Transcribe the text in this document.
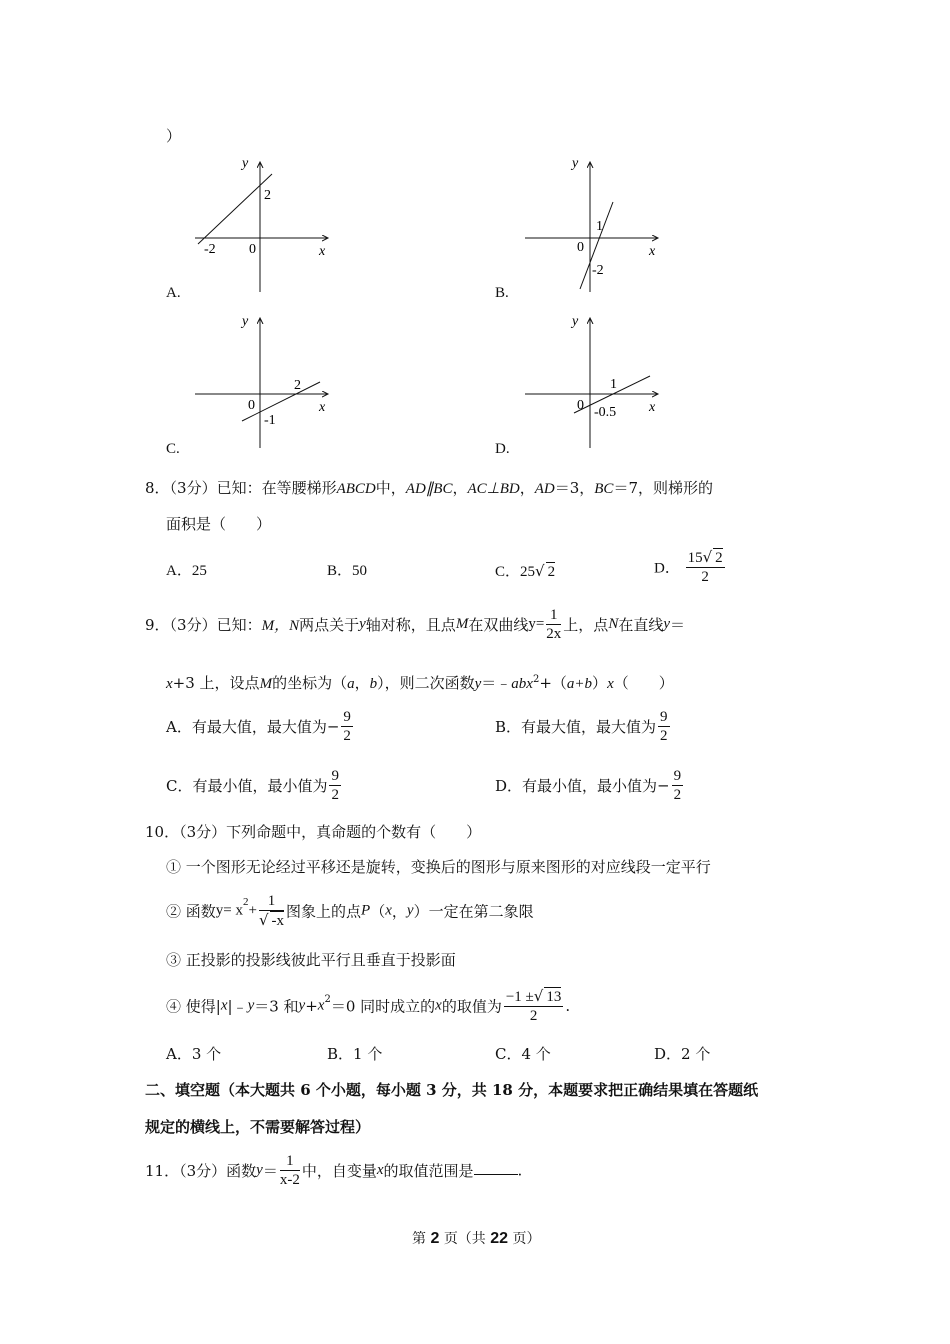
）
y
x
0
2
-2
A.
y
x
0
1
-2
B.
y
x
0
2
-1
C.
y
x
0
1
-0.5
D.
8．（3分）已知：在等腰梯形ABCD中，AD∥BC，AC⊥BD，AD＝3，BC＝7，则梯形的
面积是（　　）
A．25	B．50	C．25√ 2	D． $\frac{15√ 2}{2}$
9．（3分）已知：M，N两点关于y轴对称，且点M在双曲线$y= \frac{1}{2x}$ 上，点N在直线y＝
x+3 上，设点M的坐标为（a，b），则二次函数y＝﹣abx$^2$+（a+b）x（　　）
A．有最大值，最大值为− $\frac{9}{2}$	B．有最大值，最大值为 $\frac{9}{2}$
C．有最小值，最小值为 $\frac{9}{2}$	D．有最小值，最小值为− $\frac{9}{2}$
10．（3分）下列命题中，真命题的个数有（　　）
① 一个图形无论经过平移还是旋转，变换后的图形与原来图形的对应线段一定平行
② 函数$y= x^2+ \frac{1}{√ -x}$ 图象上的点P（x，y）一定在第二象限
③ 正投影的投影线彼此平行且垂直于投影面
④ 使得|x|﹣y＝3 和$y+x^2=0$ 同时成立的x的取值为 $\frac{-1 \pm√ 13}{2}$ .
A．3 个	B．1 个	C．4 个	D．2 个
二、填空题（本大题共 6 个小题，每小题 3 分，共 18 分，本题要求把正确结果填在答题纸
规定的横线上，不需要解答过程）
11．（3分）函数$y= \frac{1}{x-2}$ 中，自变量x的取值范围是	.
第 2 页（共 22 页）
